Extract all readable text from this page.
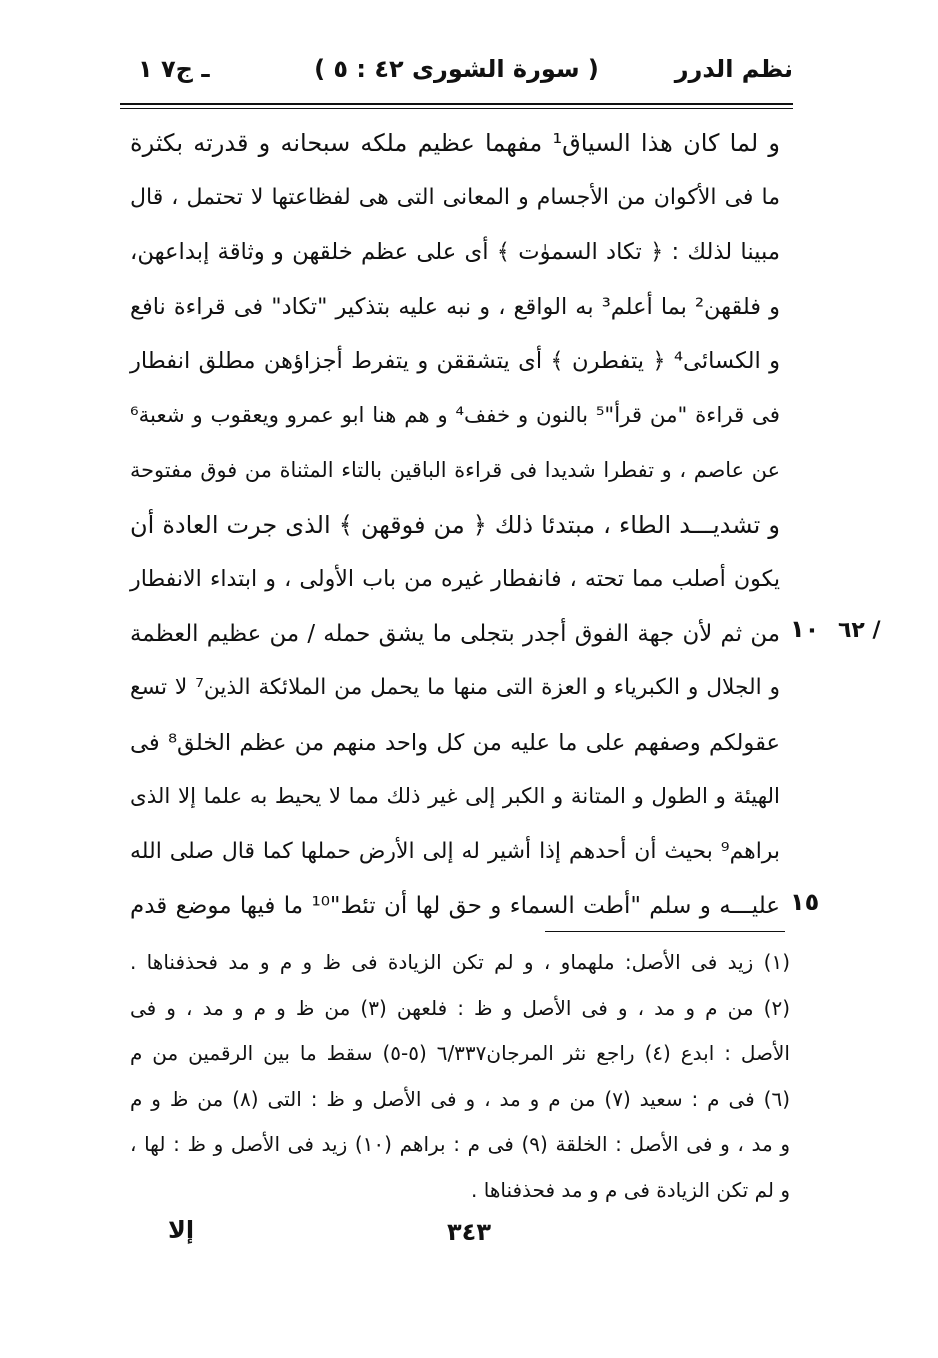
نظم الدرر
( سورة الشورى ٤٢ : ٥ )
ـ ج٧ ١
و لما كان هذا السياق¹ مفهما عظيم ملكه سبحانه و قدرته بكثرة
ما فى الأكوان من الأجسام و المعانى التى هى لفظاعتها لا تحتمل ، قال
مبينا لذلك : ﴿ تكاد السموٰت ﴾ أى على عظم خلقهن و وثاقة إبداعهن،
و فلقهن² بما أعلم³ به الواقع ، و نبه عليه بتذكير "تكاد" فى قراءة نافع
و الكسائى⁴ ﴿ يتفطرن ﴾ أى يتشققن و يتفرط أجزاؤهن مطلق انفطار
فى قراءة "من قرأ"⁵ بالنون و خفف⁴ و هم هنا ابو عمرو ويعقوب و شعبة⁶
عن عاصم ، و تفطرا شديدا فى قراءة الباقين بالتاء المثناة من فوق مفتوحة
و تشديـــد الطاء ، مبتدئا ذلك ﴿ من فوقهن ﴾ الذى جرت العادة أن
يكون أصلب مما تحته ، فانفطار غيره من باب الأولى ، و ابتداء الانفطار
من ثم لأن جهة الفوق أجدر بتجلى ما يشق حمله / من عظيم العظمة
و الجلال و الكبرياء و العزة التى منها ما يحمل من الملائكة الذين⁷ لا تسع
عقولكم وصفهم على ما عليه من كل واحد منهم من عظم الخلق⁸ فى
الهيئة و الطول و المتانة و الكبر إلى غير ذلك مما لا يحيط به علما إلا الذى
براهم⁹ بحيث أن أحدهم إذا أشير له إلى الأرض حملها كما قال صلى الله
عليـــه و سلم "أطت السماء و حق لها أن تئط"¹⁰ ما فيها موضع قدم
١٠
١٥
٦٢ /
(١) زيد فى الأصل: ملهماو ، و لم تكن الزيادة فى ظ و م و مد فحذفناها .
(٢) من م و مد ، و فى الأصل و ظ : فلعهن (٣) من ظ و م و مد ، و فى
الأصل : ابدع (٤) راجع نثر المرجان٦/٣٣٧ (٥-٥) سقط ما بين الرقمين من م
(٦) فى م : سعيد (٧) من م و مد ، و فى الأصل و ظ : التى (٨) من ظ و م
و مد ، و فى الأصل : الخلقة (٩) فى م : براهم (١٠) زيد فى الأصل و ظ : لها ،
و لم تكن الزيادة فى م و مد فحذفناها .
٣٤٣
إلا
